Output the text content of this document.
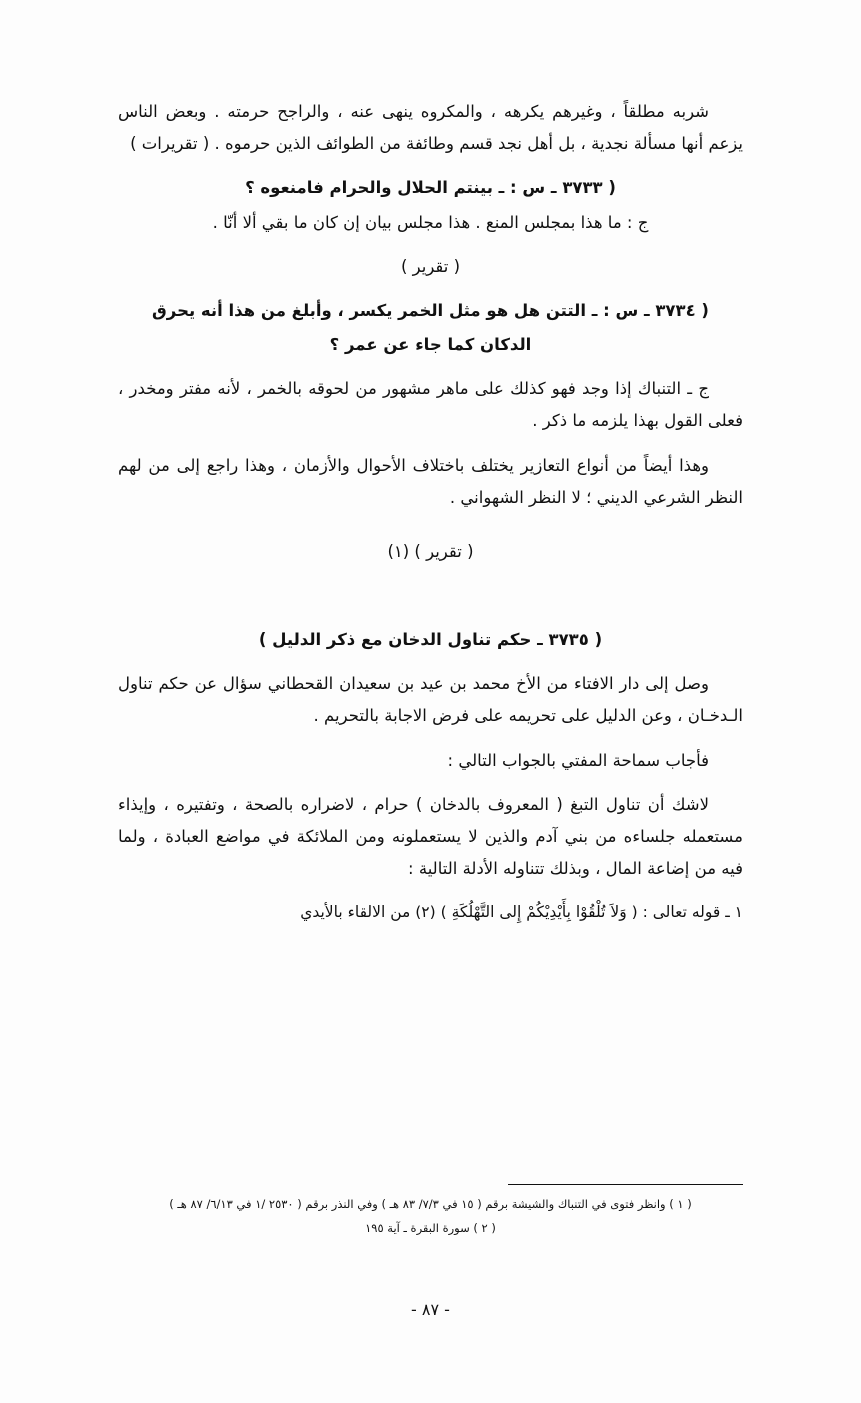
شربه مطلقاً ، وغيرهم يكرهه ، والمكروه ينهى عنه ، والراجح حرمته . وبعض الناس يزعم أنها مسألة نجدية ، بل أهل نجد قسم وطائفة من الطوائف الذين حرموه . ( تقريرات )

( ٣٧٣٣ ـ س : ـ بينتم الحلال والحرام فامنعوه ؟

ج : ما هذا بمجلس المنع . هذا مجلس بيان إن كان ما بقي ألا أنّا .

( تقرير )

( ٣٧٣٤ ـ س : ـ التتن هل هو مثل الخمر يكسر ، وأبلغ من هذا أنه يحرق

الدكان كما جاء عن عمر ؟

ج ـ التنباك إذا وجد فهو كذلك على ماهر مشهور من لحوقه بالخمر ، لأنه مفتر ومخدر ، فعلى القول بهذا يلزمه ما ذكر .

وهذا أيضاً من أنواع التعازير يختلف باختلاف الأحوال والأزمان ، وهذا راجع إلى من لهم النظر الشرعي الديني ؛ لا النظر الشهواني .

( تقرير ) (١)

( ٣٧٣٥ ـ حكم تناول الدخان مع ذكر الدليل )

وصل إلى دار الافتاء من الأخ محمد بن عيد بن سعيدان القحطاني سؤال عن حكم تناول الـدخـان ، وعن الدليل على تحريمه على فرض الاجابة بالتحريم .

فأجاب سماحة المفتي بالجواب التالي :

لاشك أن تناول التبغ ( المعروف بالدخان ) حرام ، لاضراره بالصحة ، وتفتيره ، وإيذاء مستعمله جلساءه من بني آدم والذين لا يستعملونه ومن الملائكة في مواضع العبادة ، ولما فيه من إضاعة المال ، وبذلك تتناوله الأدلة التالية :

١ ـ قوله تعالى : ( وَلاَ تُلْقُوْا بِأَيْدِيْكُمْ إِلى التَّهْلُكَةِ ) (٢) من الالقاء بالأيدي

( ١ ) وانظر فتوى في التنباك والشيشة برقم ( ١٥ في ٧/٣/ ٨٣ هـ ) وفي النذر برقم ( ٢٥٣٠ /١ في ٦/١٣/ ٨٧ هـ )

( ٢ ) سورة البقرة ـ آية ١٩٥

- ٨٧ -
